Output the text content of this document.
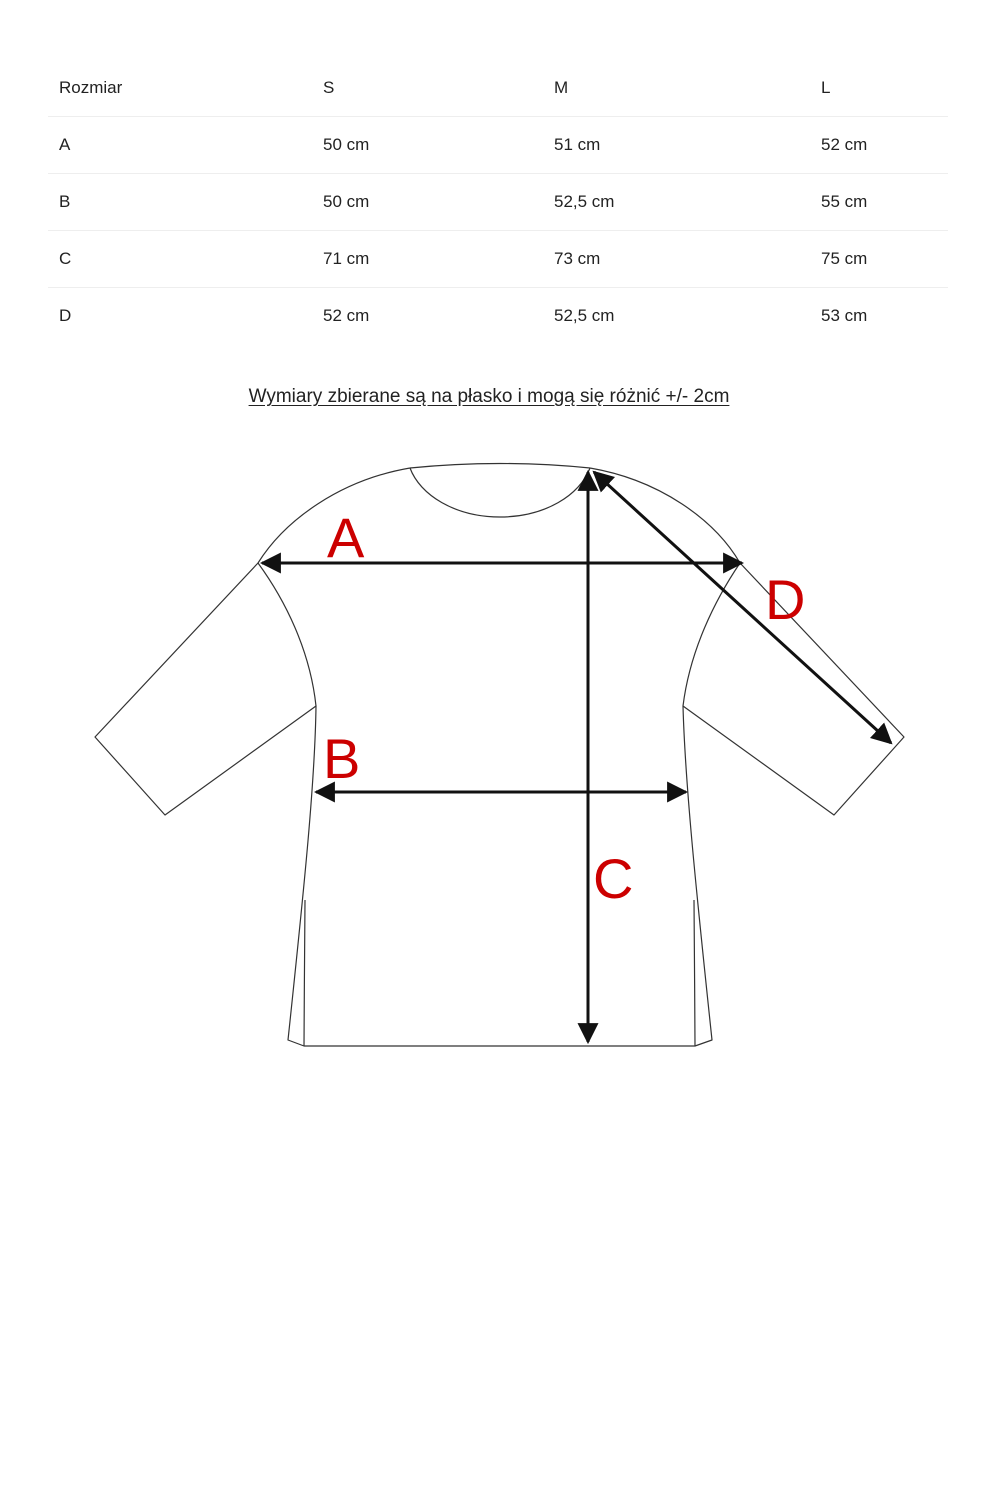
Rozmiar	S	M	L
A	50 cm	51 cm	52 cm
B	50 cm	52,5 cm	55 cm
C	71 cm	73 cm	75 cm
D	52 cm	52,5 cm	53 cm
Wymiary zbierane są na płasko i mogą się różnić +/- 2cm
A
B
C
D
